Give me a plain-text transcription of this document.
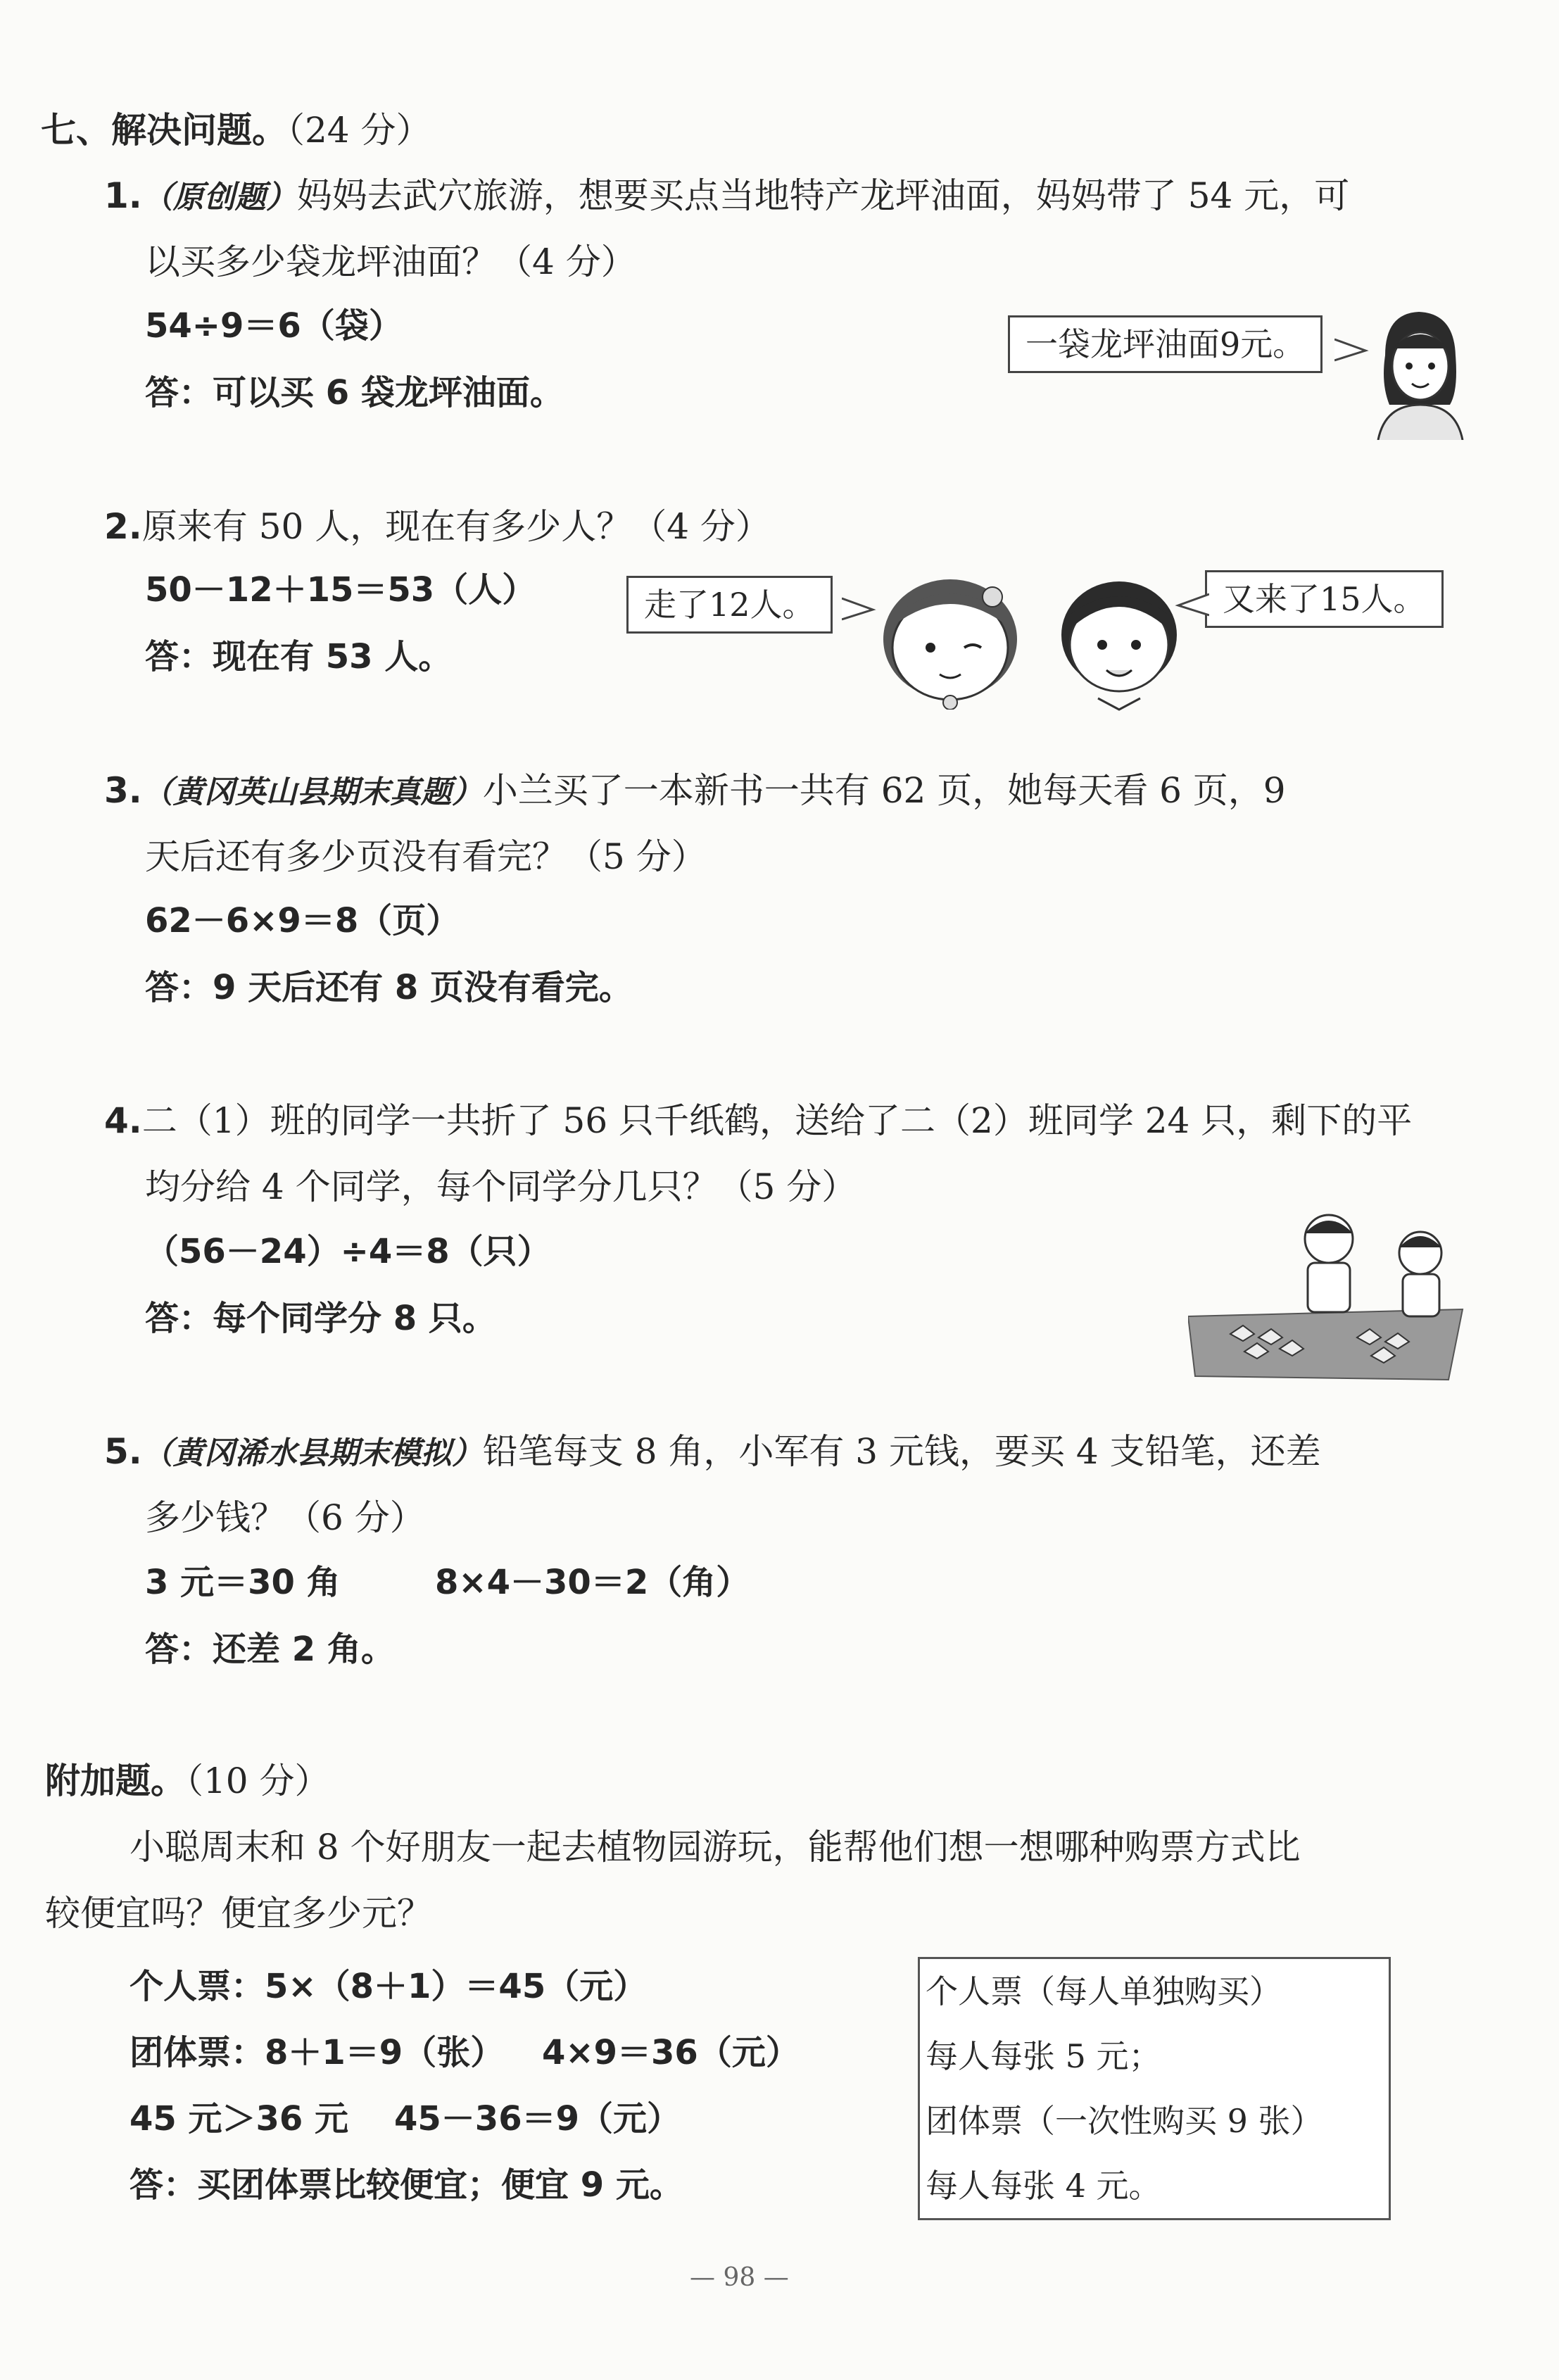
七、解决问题。（24 分）
1.（原创题）妈妈去武穴旅游，想要买点当地特产龙坪油面，妈妈带了 54 元，可
以买多少袋龙坪油面？（4 分）
54÷9＝6（袋）
答：可以买 6 袋龙坪油面。
一袋龙坪油面9元。
2.原来有 50 人，现在有多少人？（4 分）
50－12＋15＝53（人）
答：现在有 53 人。
走了12人。	又来了15人。
3.（黄冈英山县期末真题）小兰买了一本新书一共有 62 页，她每天看 6 页，9
天后还有多少页没有看完？（5 分）
62－6×9＝8（页）
答：9 天后还有 8 页没有看完。
4.二（1）班的同学一共折了 56 只千纸鹤，送给了二（2）班同学 24 只，剩下的平
均分给 4 个同学，每个同学分几只？（5 分）
（56－24）÷4＝8（只）
答：每个同学分 8 只。
5.（黄冈浠水县期末模拟）铅笔每支 8 角，小军有 3 元钱，要买 4 支铅笔，还差
多少钱？（6 分）
3 元＝30 角	8×4－30＝2（角）
答：还差 2 角。
附加题。（10 分）
小聪周末和 8 个好朋友一起去植物园游玩，能帮他们想一想哪种购票方式比
较便宜吗？便宜多少元？
个人票：5×（8＋1）＝45（元）
团体票：8＋1＝9（张） 4×9＝36（元）
45 元＞36 元 45－36＝9（元）
答：买团体票比较便宜；便宜 9 元。
个人票（每人单独购买）
每人每张 5 元；
团体票（一次性购买 9 张）
每人每张 4 元。
— 98 —
